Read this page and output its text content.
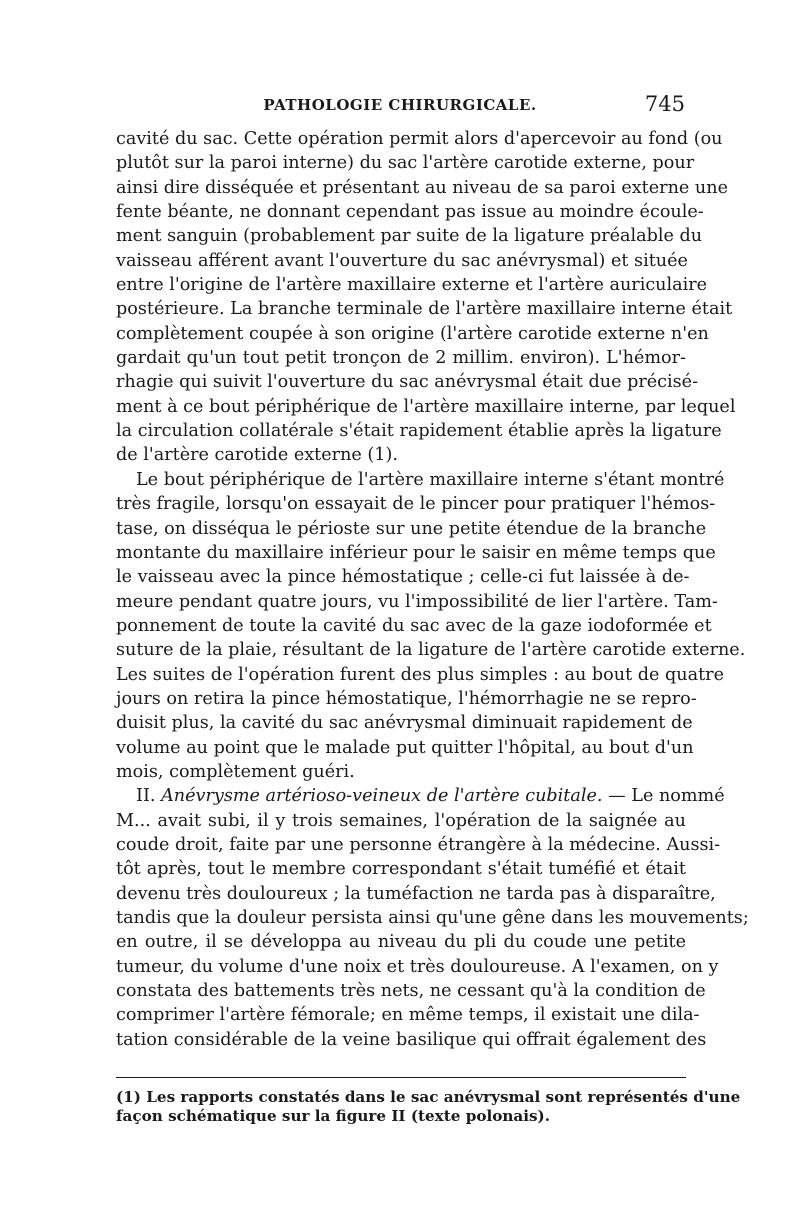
PATHOLOGIE CHIRURGICALE.	745
cavité du sac. Cette opération permit alors d'apercevoir au fond (ou
plutôt sur la paroi interne) du sac l'artère carotide externe, pour
ainsi dire disséquée et présentant au niveau de sa paroi externe une
fente béante, ne donnant cependant pas issue au moindre écoule-
ment sanguin (probablement par suite de la ligature préalable du
vaisseau afférent avant l'ouverture du sac anévrysmal) et située
entre l'origine de l'artère maxillaire externe et l'artère auriculaire
postérieure. La branche terminale de l'artère maxillaire interne était
complètement coupée à son origine (l'artère carotide externe n'en
gardait qu'un tout petit tronçon de 2 millim. environ). L'hémor-
rhagie qui suivit l'ouverture du sac anévrysmal était due précisé-
ment à ce bout périphérique de l'artère maxillaire interne, par lequel
la circulation collatérale s'était rapidement établie après la ligature
de l'artère carotide externe (1).
Le bout périphérique de l'artère maxillaire interne s'étant montré
très fragile, lorsqu'on essayait de le pincer pour pratiquer l'hémos-
tase, on disséqua le périoste sur une petite étendue de la branche
montante du maxillaire inférieur pour le saisir en même temps que
le vaisseau avec la pince hémostatique ; celle-ci fut laissée à de-
meure pendant quatre jours, vu l'impossibilité de lier l'artère. Tam-
ponnement de toute la cavité du sac avec de la gaze iodoformée et
suture de la plaie, résultant de la ligature de l'artère carotide externe.
Les suites de l'opération furent des plus simples : au bout de quatre
jours on retira la pince hémostatique, l'hémorrhagie ne se repro-
duisit plus, la cavité du sac anévrysmal diminuait rapidement de
volume au point que le malade put quitter l'hôpital, au bout d'un
mois, complètement guéri.
II. Anévrysme artérioso-veineux de l'artère cubitale. — Le nommé
M... avait subi, il y trois semaines, l'opération de la saignée au
coude droit, faite par une personne étrangère à la médecine. Aussi-
tôt après, tout le membre correspondant s'était tuméfié et était
devenu très douloureux ; la tuméfaction ne tarda pas à disparaître,
tandis que la douleur persista ainsi qu'une gêne dans les mouvements;
en outre, il se développa au niveau du pli du coude une petite
tumeur, du volume d'une noix et très douloureuse. A l'examen, on y
constata des battements très nets, ne cessant qu'à la condition de
comprimer l'artère fémorale; en même temps, il existait une dila-
tation considérable de la veine basilique qui offrait également des
(1) Les rapports constatés dans le sac anévrysmal sont représentés d'une
façon schématique sur la figure II (texte polonais).
